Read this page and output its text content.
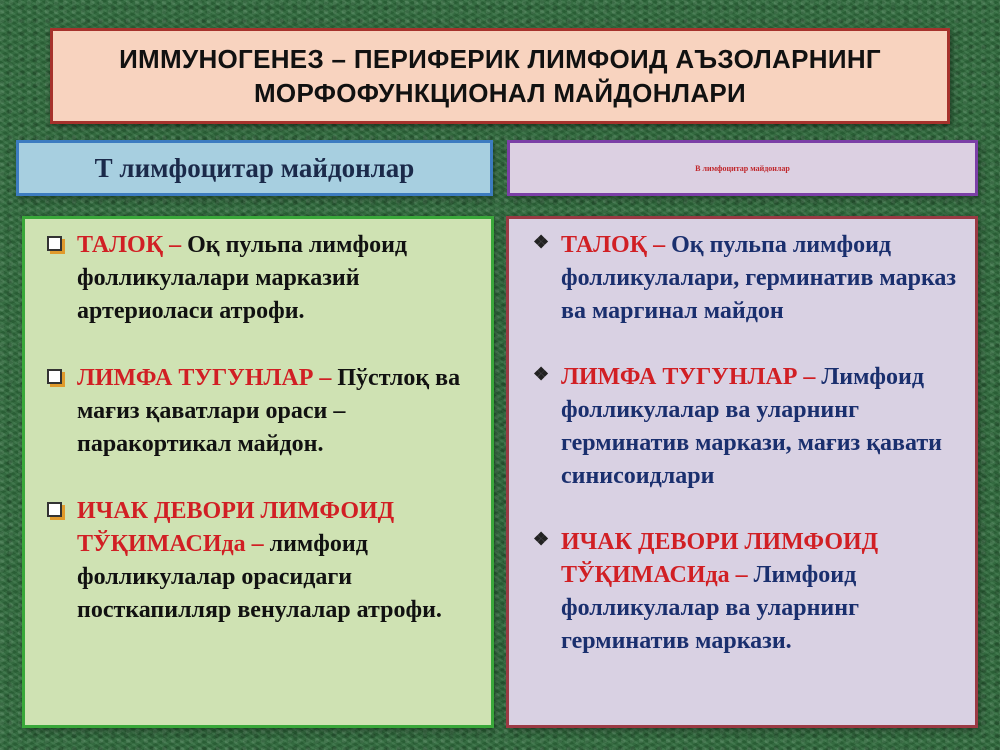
ИММУНОГЕНЕЗ – ПЕРИФЕРИК ЛИМФОИД АЪЗОЛАРНИНГ
МОРФОФУНКЦИОНАЛ МАЙДОНЛАРИ
Т лимфоцитар майдонлар	В лимфоцитар майдонлар
ТАЛОҚ – Оқ пульпа лимфоид фолликулалари марказий артериоласи атрофи.
ЛИМФА ТУГУНЛАР – Пўстлоқ ва мағиз қаватлари ораси – паракортикал майдон.
ИЧАК ДЕВОРИ ЛИМФОИД ТЎҚИМАСИда – лимфоид фолликулалар орасидаги посткапилляр венулалар атрофи.
❖ ТАЛОҚ – Оқ пульпа лимфоид фолликулалари, герминатив марказ ва маргинал майдон
❖ ЛИМФА ТУГУНЛАР – Лимфоид фолликулалар ва уларнинг герминатив маркази, мағиз қавати синисоидлари
❖ ИЧАК ДЕВОРИ ЛИМФОИД ТЎҚИМАСИда – Лимфоид фолликулалар ва уларнинг герминатив маркази.
